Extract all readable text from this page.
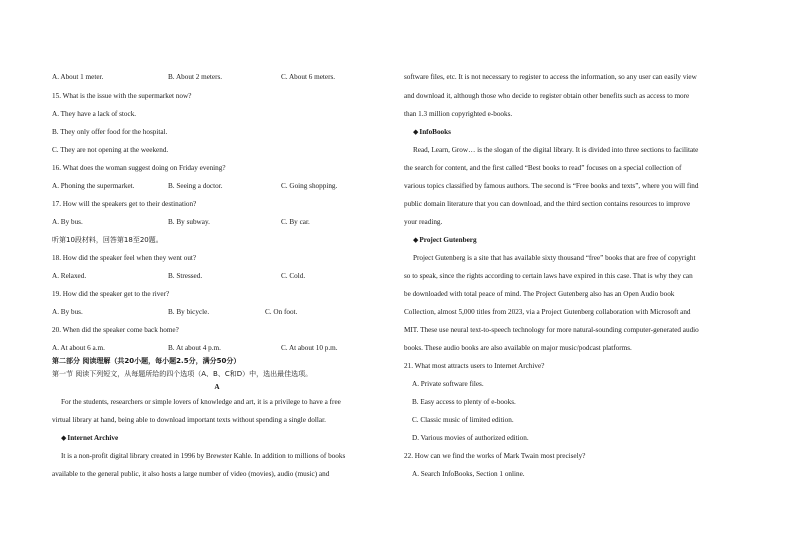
A. About 1 meter.	B. About 2 meters.	C. About 6 meters.
15. What is the issue with the supermarket now?
A. They have a lack of stock.
B. They only offer food for the hospital.
C. They are not opening at the weekend.
16. What does the woman suggest doing on Friday evening?
A. Phoning the supermarket.	B. Seeing a doctor.	C. Going shopping.
17. How will the speakers get to their destination?
A. By bus.	B. By subway.	C. By car.
听第10段材料，回答第18至20题。
18. How did the speaker feel when they went out?
A. Relaxed.	B. Stressed.	C. Cold.
19. How did the speaker get to the river?
A. By bus.	B. By bicycle.	C. On foot.
20. When did the speaker come back home?
A. At about 6 a.m.	B. At about 4 p.m.	C. At about 10 p.m.
第二部分 阅读理解（共20小题，每小题2.5分，满分50分）
第一节 阅读下列短文，从每题所给的四个选项（A、B、C和D）中，选出最佳选项。
A
For the students, researchers or simple lovers of knowledge and art, it is a privilege to have a free
virtual library at hand, being able to download important texts without spending a single dollar.
◆Internet Archive
It is a non-profit digital library created in 1996 by Brewster Kahle. In addition to millions of books
available to the general public, it also hosts a large number of video (movies), audio (music) and
software files, etc. It is not necessary to register to access the information, so any user can easily view
and download it, although those who decide to register obtain other benefits such as access to more
than 1.3 million copyrighted e-books.
◆InfoBooks
Read, Learn, Grow… is the slogan of the digital library. It is divided into three sections to facilitate
the search for content, and the first called “Best books to read” focuses on a special collection of
various topics classified by famous authors. The second is “Free books and texts”, where you will find
public domain literature that you can download, and the third section contains resources to improve
your reading.
◆Project Gutenberg
Project Gutenberg is a site that has available sixty thousand “free” books that are free of copyright
so to speak, since the rights according to certain laws have expired in this case. That is why they can
be downloaded with total peace of mind. The Project Gutenberg also has an Open Audio book
Collection, almost 5,000 titles from 2023, via a Project Gutenberg collaboration with Microsoft and
MIT. These use neural text-to-speech technology for more natural-sounding computer-generated audio
books. These audio books are also available on major music/podcast platforms.
21. What most attracts users to Internet Archive?
A. Private software files.
B. Easy access to plenty of e-books.
C. Classic music of limited edition.
D. Various movies of authorized edition.
22. How can we find the works of Mark Twain most precisely?
A. Search InfoBooks, Section 1 online.
